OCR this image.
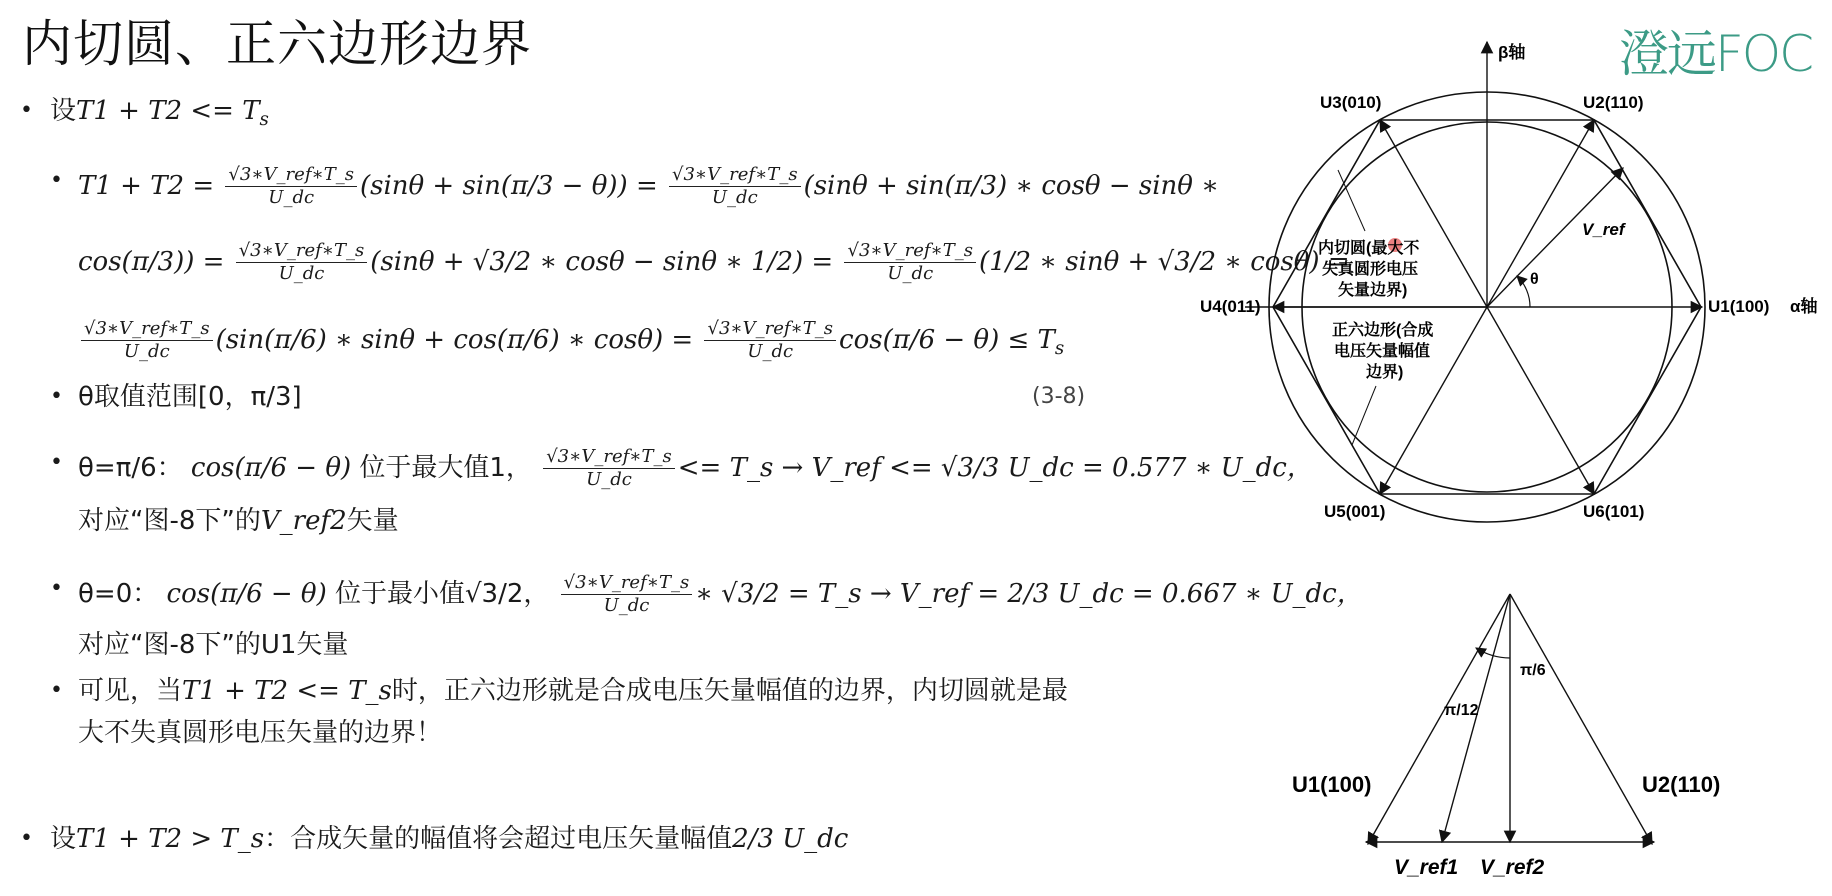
内切圆、正六边形边界	澄远FOC
• 设$T1 + T2 <= T_s$
• $T1 + T2 = \frac{\text{√3∗V\_ref∗T\_s}}{U\_dc} (\sin\theta + \sin(\pi/3 - \theta)) = \frac{\text{√3∗V\_ref∗T\_s}}{U\_dc} (\sin\theta + \sin(\pi/3)$ ∗ cosθ − sinθ ∗
$\cos(\pi/3)) = \frac{\text{√3∗V\_ref∗T\_s}}{U\_dc} (\sin\theta + √3/2$ ∗ cosθ − sinθ ∗ $1/2) = \frac{\text{√3∗V\_ref∗T\_s}}{U\_dc} (1/2$ ∗ sinθ + √3/2 ∗ cosθ) =
$\frac{\text{√3∗V\_ref∗T\_s}}{U\_dc} (\sin(\pi/6)$ ∗ sinθ + cos(π/6) ∗ $\cos\theta) = \frac{\text{√3∗V\_ref∗T\_s}}{U\_dc} \cos(\pi/6 - \theta) \le T_s$
• θ取值范围[0，π/3]	(3-8)
• θ=π/6： cos(π/6 − θ) 位于最大值1， $\frac{\text{√3∗V\_ref∗T\_s}}{U\_dc}$ <= T_s → V_ref <= √3/3 U_dc = 0.577 ∗ U_dc，
对应“图-8下”的V_ref2矢量
• θ=0： cos(π/6 − θ) 位于最小值√3/2， $\frac{\text{√3∗V\_ref∗T\_s}}{U\_dc}$ ∗ √3/2 = T_s → V_ref = 2/3 U_dc = 0.667 ∗ U_dc，
对应“图-8下”的U1矢量
• 可见，当T1 + T2 <= T_s时，正六边形就是合成电压矢量幅值的边界，内切圆就是最
大不失真圆形电压矢量的边界！
• 设T1 + T2 > T_s：合成矢量的幅值将会超过电压矢量幅值2/3 U_dc
β轴
α轴
U3(010)	U2(110)
U4(011)	U1(100)
U5(001)	U6(101)
V_ref
θ
内切圆(最大不
失真圆形电压
矢量边界)
正六边形(合成
电压矢量幅值
边界)
π/6
π/12
U1(100)	U2(110)
V_ref1 V_ref2
